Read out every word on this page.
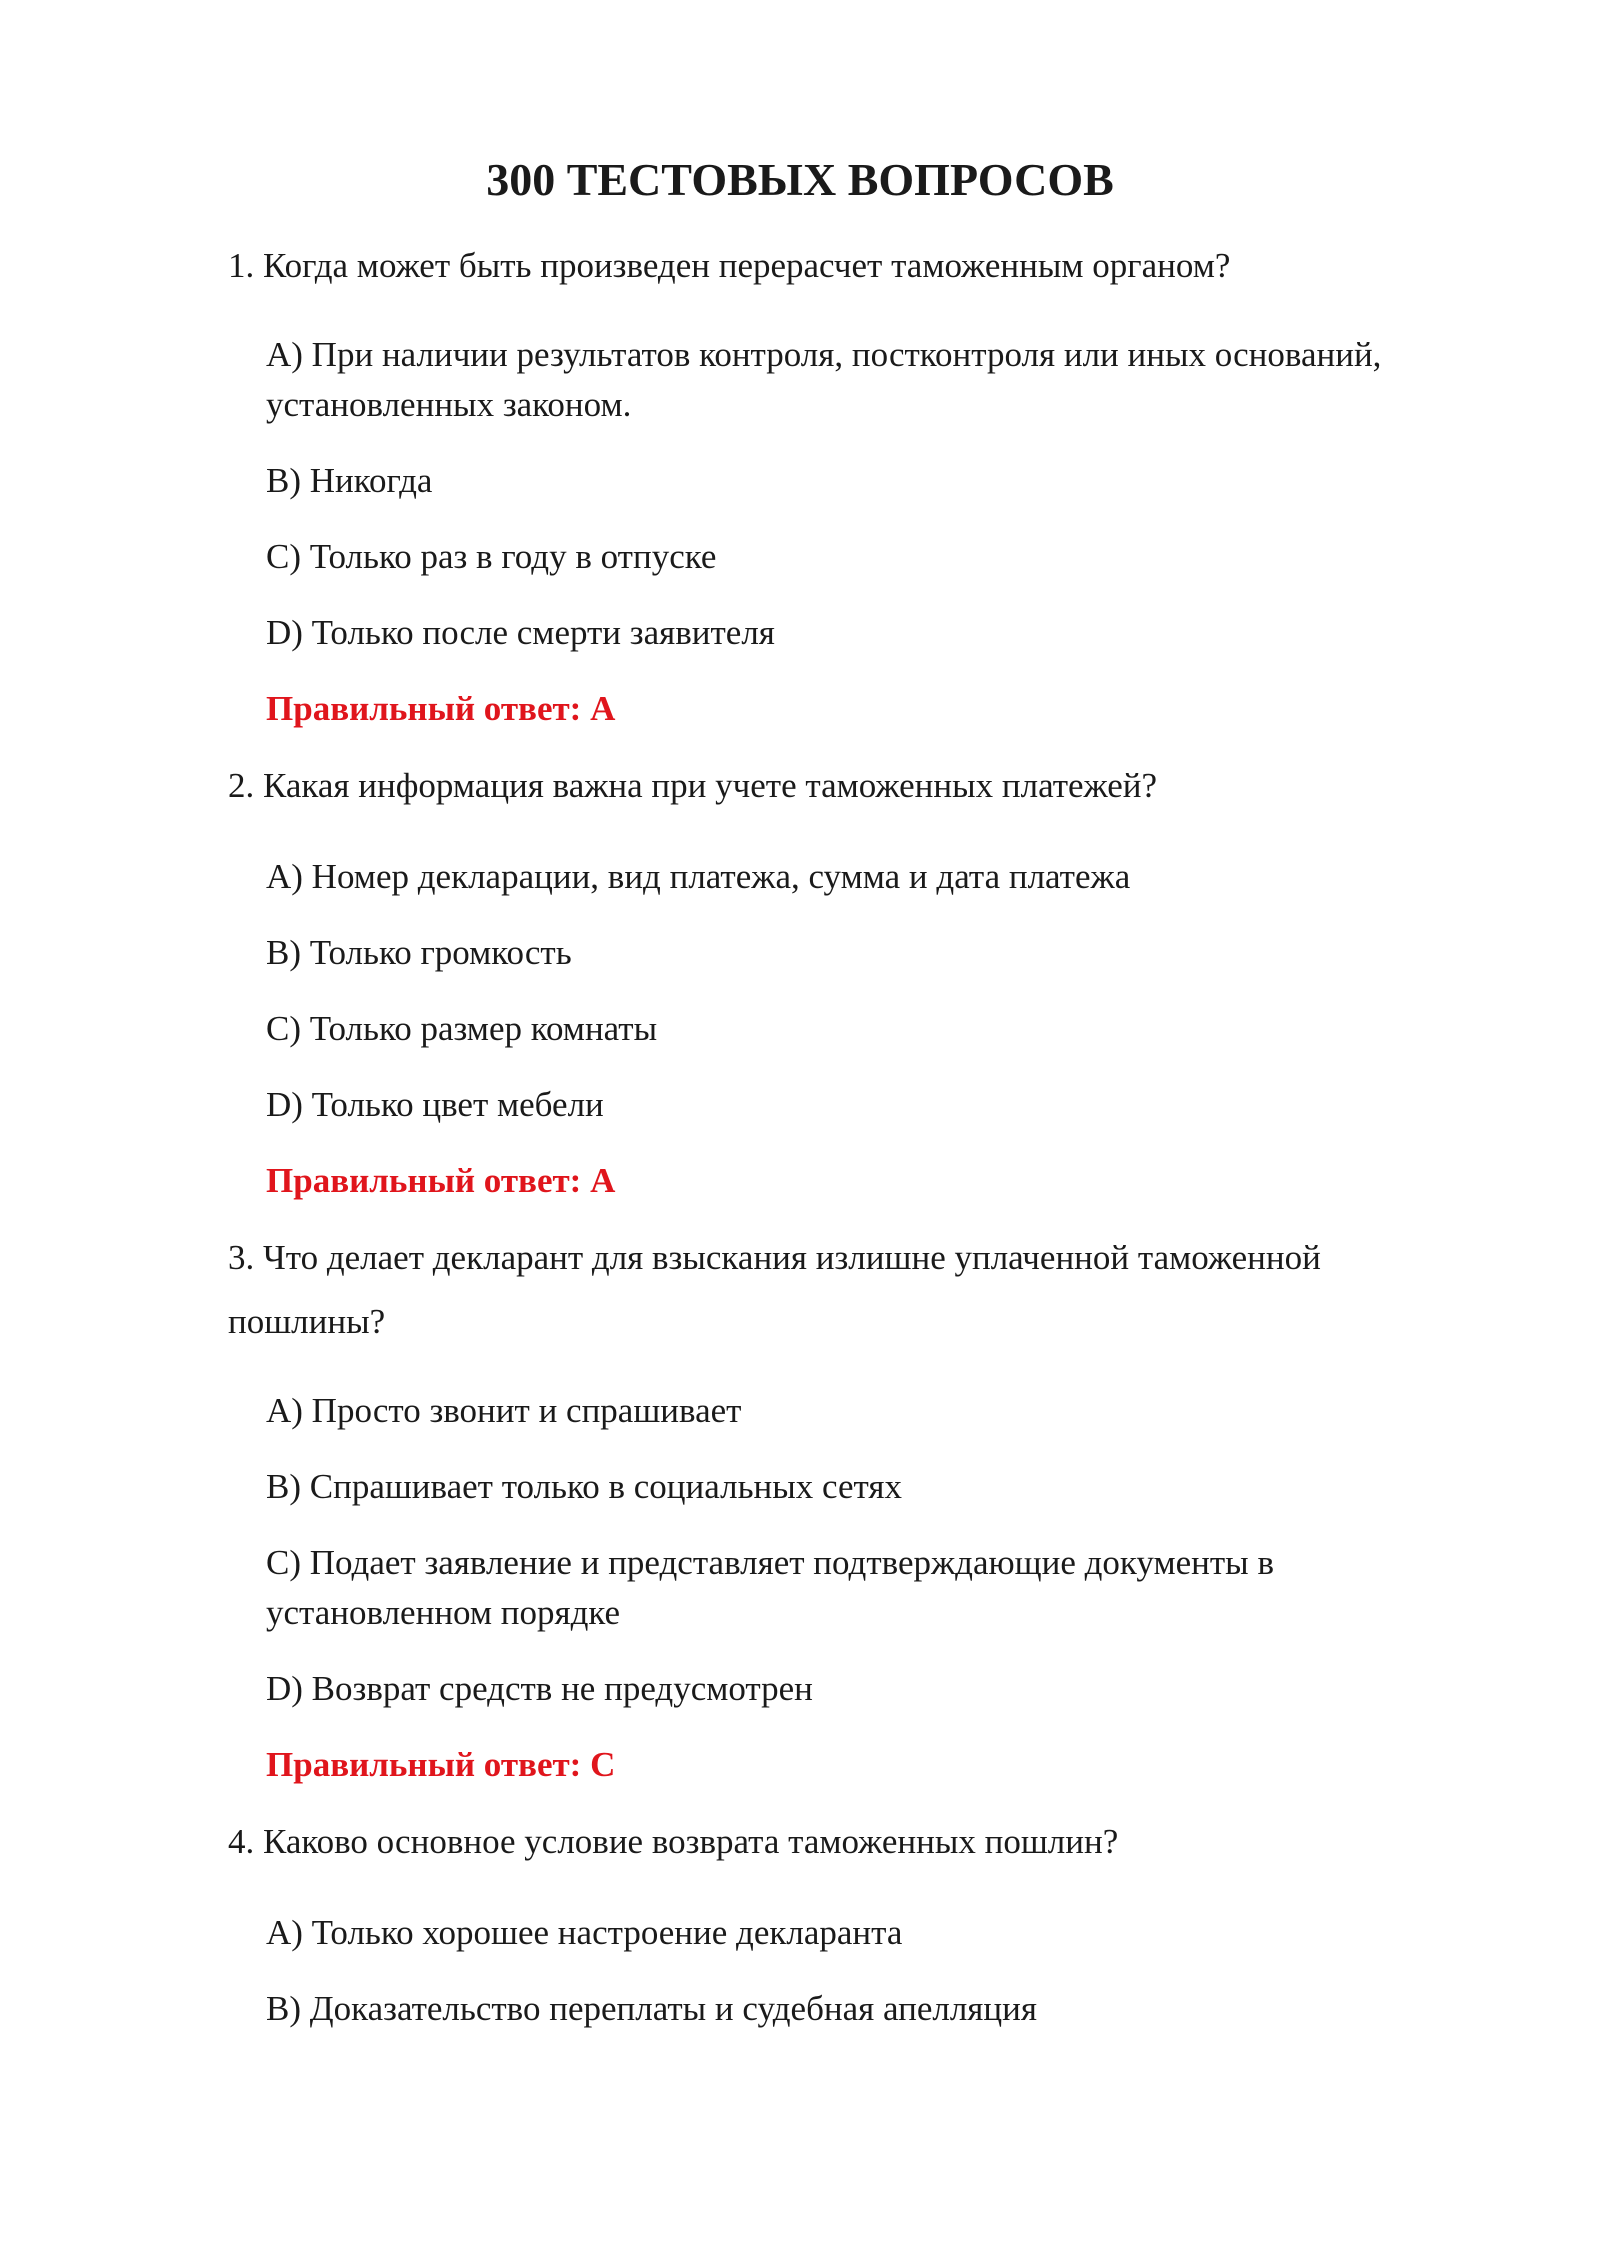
300 ТЕСТОВЫХ ВОПРОСОВ
1. Когда может быть произведен перерасчет таможенным органом?
A) При наличии результатов контроля, постконтроля или иных оснований, установленных законом.
B) Никогда
C) Только раз в году в отпуске
D) Только после смерти заявителя
Правильный ответ: A
2. Какая информация важна при учете таможенных платежей?
A) Номер декларации, вид платежа, сумма и дата платежа
B) Только громкость
C) Только размер комнаты
D) Только цвет мебели
Правильный ответ: A
3. Что делает декларант для взыскания излишне уплаченной таможенной пошлины?
A) Просто звонит и спрашивает
B) Спрашивает только в социальных сетях
C) Подает заявление и представляет подтверждающие документы в установленном порядке
D) Возврат средств не предусмотрен
Правильный ответ: C
4. Каково основное условие возврата таможенных пошлин?
A) Только хорошее настроение декларанта
B) Доказательство переплаты и судебная апелляция
